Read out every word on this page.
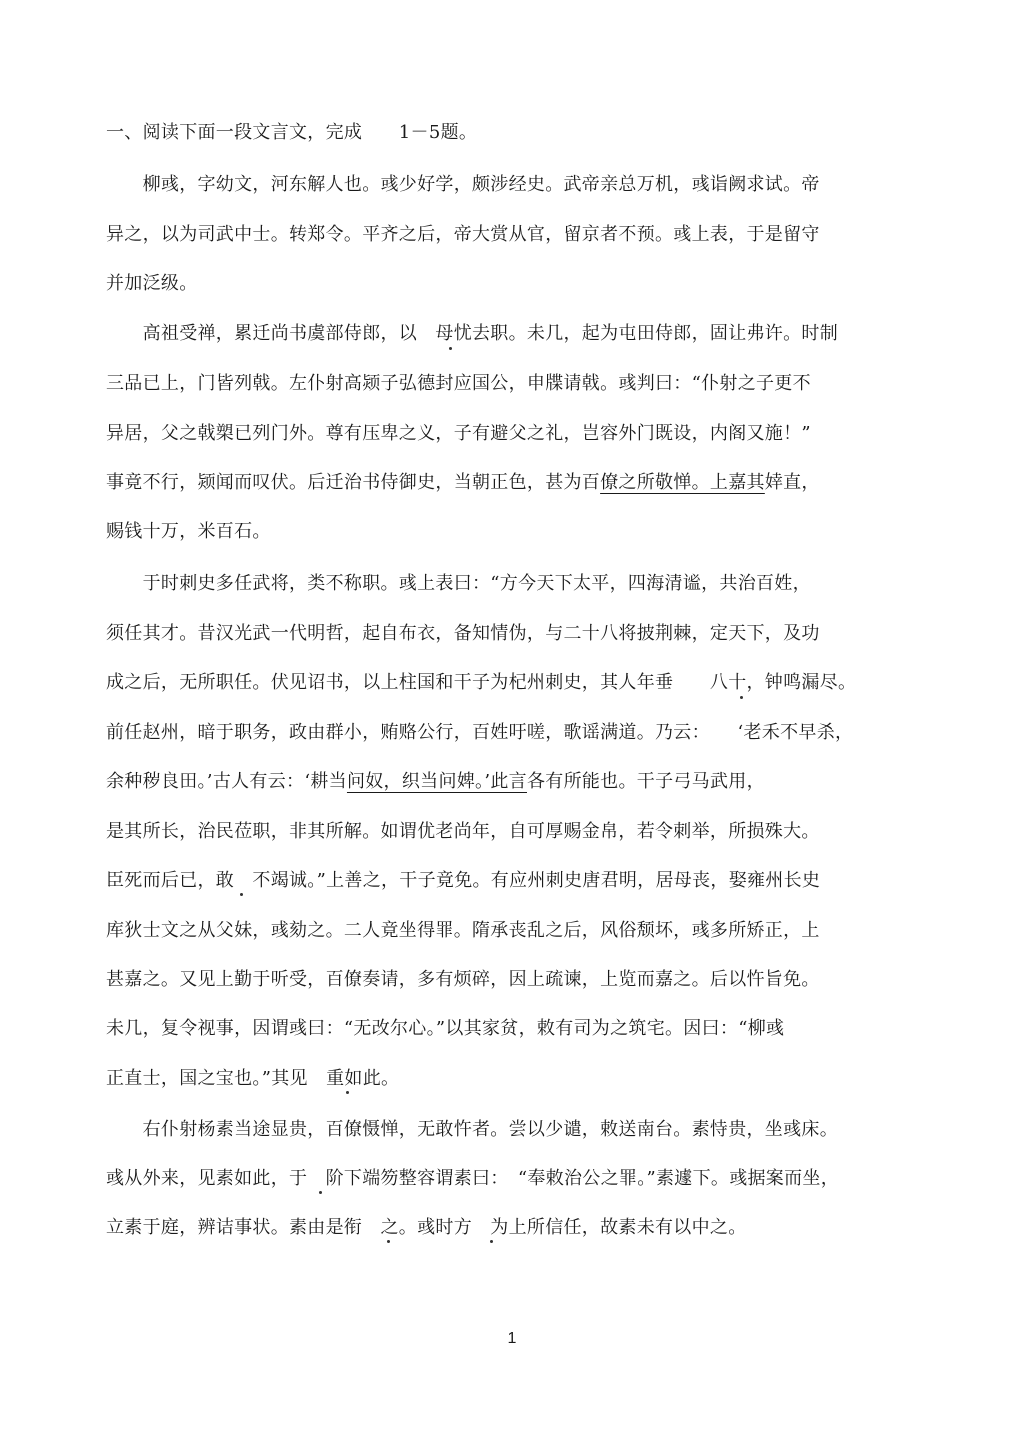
一、阅读下面一段文言文，完成　　1－5题。
　　柳彧，字幼文，河东解人也。彧少好学，颇涉经史。武帝亲总万机，彧诣阙求试。帝
异之，以为司武中士。转郑令。平齐之后，帝大赏从官，留京者不预。彧上表，于是留守
并加泛级。
　　高祖受禅，累迁尚书虞部侍郎，以　母忧去职。未几，起为屯田侍郎，固让弗许。时制
三品已上，门皆列戟。左仆射高颎子弘德封应国公，申牒请戟。彧判曰：“仆射之子更不
异居，父之戟槊已列门外。尊有压卑之义，子有避父之礼，岂容外门既设，内阁又施！”
事竟不行，颎闻而叹伏。后迁治书侍御史，当朝正色，甚为百僚之所敬惮。上嘉其婞直，
赐钱十万，米百石。
　　于时刺史多任武将，类不称职。彧上表曰：“方今天下太平，四海清谧，共治百姓，
须任其才。昔汉光武一代明哲，起自布衣，备知情伪，与二十八将披荆棘，定天下，及功
成之后，无所职任。伏见诏书，以上柱国和干子为杞州刺史，其人年垂　　八十，钟鸣漏尽。
前任赵州，暗于职务，政由群小，贿赂公行，百姓吁嗟，歌谣满道。乃云：　　‘老禾不早杀，
余种秽良田。’古人有云：‘耕当问奴，织当问婢。’此言各有所能也。干子弓马武用，
是其所长，治民莅职，非其所解。如谓优老尚年，自可厚赐金帛，若令刺举，所损殊大。
臣死而后已，敢　不竭诚。”上善之，干子竟免。有应州刺史唐君明，居母丧，娶雍州长史
库狄士文之从父妹，彧劾之。二人竟坐得罪。隋承丧乱之后，风俗颓坏，彧多所矫正，上
甚嘉之。又见上勤于听受，百僚奏请，多有烦碎，因上疏谏，上览而嘉之。后以忤旨免。
未几，复令视事，因谓彧曰：“无改尔心。”以其家贫，敕有司为之筑宅。因曰：“柳彧
正直士，国之宝也。”其见　重如此。
　　右仆射杨素当途显贵，百僚慑惮，无敢忤者。尝以少谴，敕送南台。素恃贵，坐彧床。
彧从外来，见素如此，于　阶下端笏整容谓素曰：　“奉敕治公之罪。”素遽下。彧据案而坐，
立素于庭，辨诘事状。素由是衔　之。彧时方　为上所信任，故素未有以中之。
1
